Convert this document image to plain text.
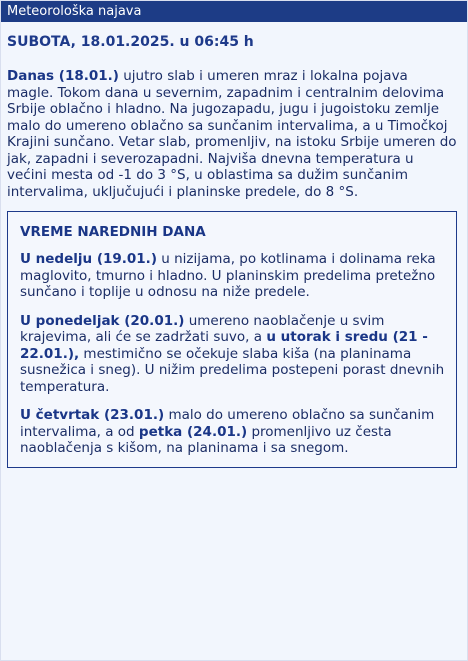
Meteorološka najava
SUBOTA, 18.01.2025. u 06:45 h
Danas (18.01.) ujutro slab i umeren mraz i lokalna pojava magle. Tokom dana u severnim, zapadnim i centralnim delovima Srbije oblačno i hladno. Na jugozapadu, jugu i jugoistoku zemlje malo do umereno oblačno sa sunčanim intervalima, a u Timočkoj Krajini sunčano. Vetar slab, promenljiv, na istoku Srbije umeren do jak, zapadni i severozapadni. Najviša dnevna temperatura u većini mesta od -1 do 3 °S, u oblastima sa dužim sunčanim intervalima, uključujući i planinske predele, do 8 °S.
VREME NAREDNIH DANA
U nedelju (19.01.) u nizijama, po kotlinama i dolinama reka maglovito, tmurno i hladno. U planinskim predelima pretežno sunčano i toplije u odnosu na niže predele.
U ponedeljak (20.01.) umereno naoblačenje u svim krajevima, ali će se zadržati suvo, a u utorak i sredu (21 - 22.01.), mestimično se očekuje slaba kiša (na planinama susnežica i sneg). U nižim predelima postepeni porast dnevnih temperatura.
U četvrtak (23.01.) malo do umereno oblačno sa sunčanim intervalima, a od petka (24.01.) promenljivo uz česta naoblačenja s kišom, na planinama i sa snegom.
